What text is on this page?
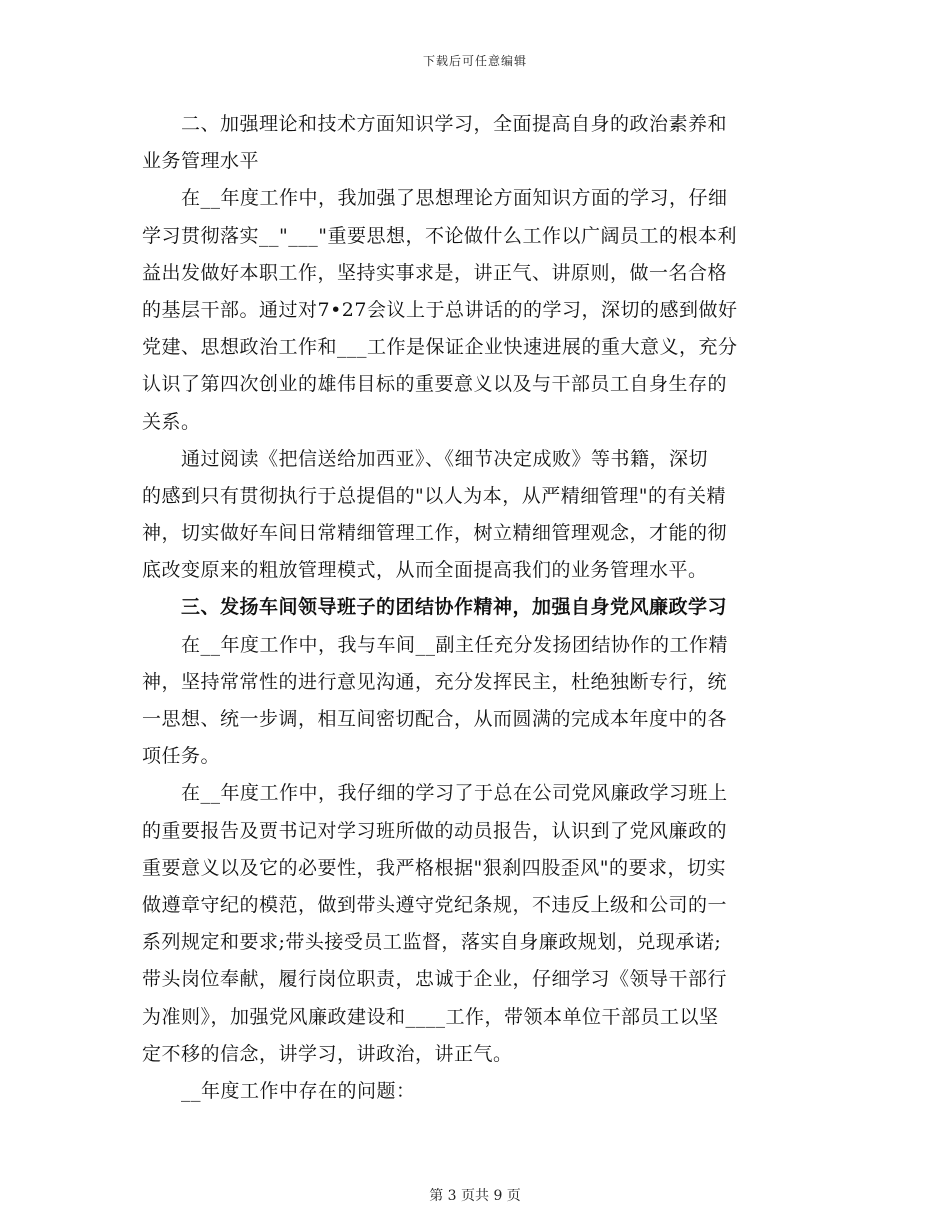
下载后可任意编辑
　　二、加强理论和技术方面知识学习，全面提高自身的政治素养和
业务管理水平
　　在__年度工作中，我加强了思想理论方面知识方面的学习，仔细
学习贯彻落实__"___"重要思想，不论做什么工作以广阔员工的根本利
益出发做好本职工作，坚持实事求是，讲正气、讲原则，做一名合格
的基层干部。通过对7•27会议上于总讲话的的学习，深切的感到做好
党建、思想政治工作和___工作是保证企业快速进展的重大意义，充分
认识了第四次创业的雄伟目标的重要意义以及与干部员工自身生存的
关系。
　　通过阅读《把信送给加西亚》、《细节决定成败》等书籍，深切
的感到只有贯彻执行于总提倡的"以人为本，从严精细管理"的有关精
神，切实做好车间日常精细管理工作，树立精细管理观念，才能的彻
底改变原来的粗放管理模式，从而全面提高我们的业务管理水平。
　　三、发扬车间领导班子的团结协作精神，加强自身党风廉政学习
　　在__年度工作中，我与车间__副主任充分发扬团结协作的工作精
神，坚持常常性的进行意见沟通，充分发挥民主，杜绝独断专行，统
一思想、统一步调，相互间密切配合，从而圆满的完成本年度中的各
项任务。
　　在__年度工作中，我仔细的学习了于总在公司党风廉政学习班上
的重要报告及贾书记对学习班所做的动员报告，认识到了党风廉政的
重要意义以及它的必要性，我严格根据"狠刹四股歪风"的要求，切实
做遵章守纪的模范，做到带头遵守党纪条规，不违反上级和公司的一
系列规定和要求;带头接受员工监督，落实自身廉政规划，兑现承诺;
带头岗位奉献，履行岗位职责，忠诚于企业，仔细学习《领导干部行
为准则》，加强党风廉政建设和____工作，带领本单位干部员工以坚
定不移的信念，讲学习，讲政治，讲正气。
　　__年度工作中存在的问题：
第 3 页共 9 页
